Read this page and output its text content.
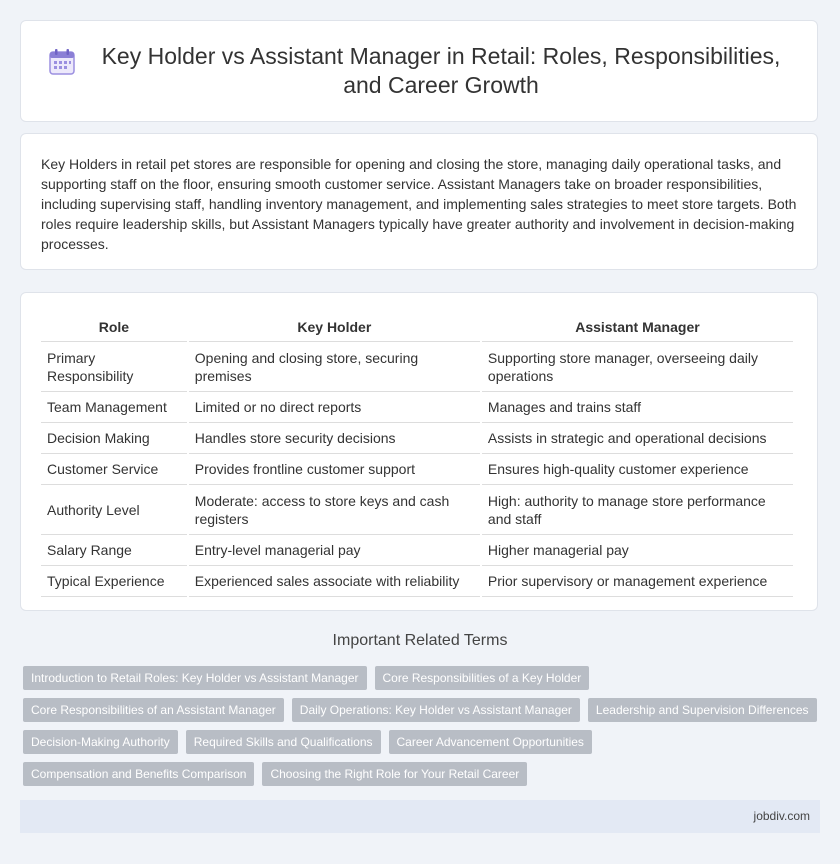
Key Holder vs Assistant Manager in Retail: Roles, Responsibilities, and Career Growth

Key Holders in retail pet stores are responsible for opening and closing the store, managing daily operational tasks, and supporting staff on the floor, ensuring smooth customer service. Assistant Managers take on broader responsibilities, including supervising staff, handling inventory management, and implementing sales strategies to meet store targets. Both roles require leadership skills, but Assistant Managers typically have greater authority and involvement in decision-making processes.

Role	Key Holder	Assistant Manager
Primary Responsibility	Opening and closing store, securing premises	Supporting store manager, overseeing daily operations
Team Management	Limited or no direct reports	Manages and trains staff
Decision Making	Handles store security decisions	Assists in strategic and operational decisions
Customer Service	Provides frontline customer support	Ensures high-quality customer experience
Authority Level	Moderate: access to store keys and cash registers	High: authority to manage store performance and staff
Salary Range	Entry-level managerial pay	Higher managerial pay
Typical Experience	Experienced sales associate with reliability	Prior supervisory or management experience
Important Related Terms
Introduction to Retail Roles: Key Holder vs Assistant Manager	Core Responsibilities of a Key Holder
Core Responsibilities of an Assistant Manager	Daily Operations: Key Holder vs Assistant Manager	Leadership and Supervision Differences
Decision-Making Authority	Required Skills and Qualifications	Career Advancement Opportunities
Compensation and Benefits Comparison	Choosing the Right Role for Your Retail Career
jobdiv.com
